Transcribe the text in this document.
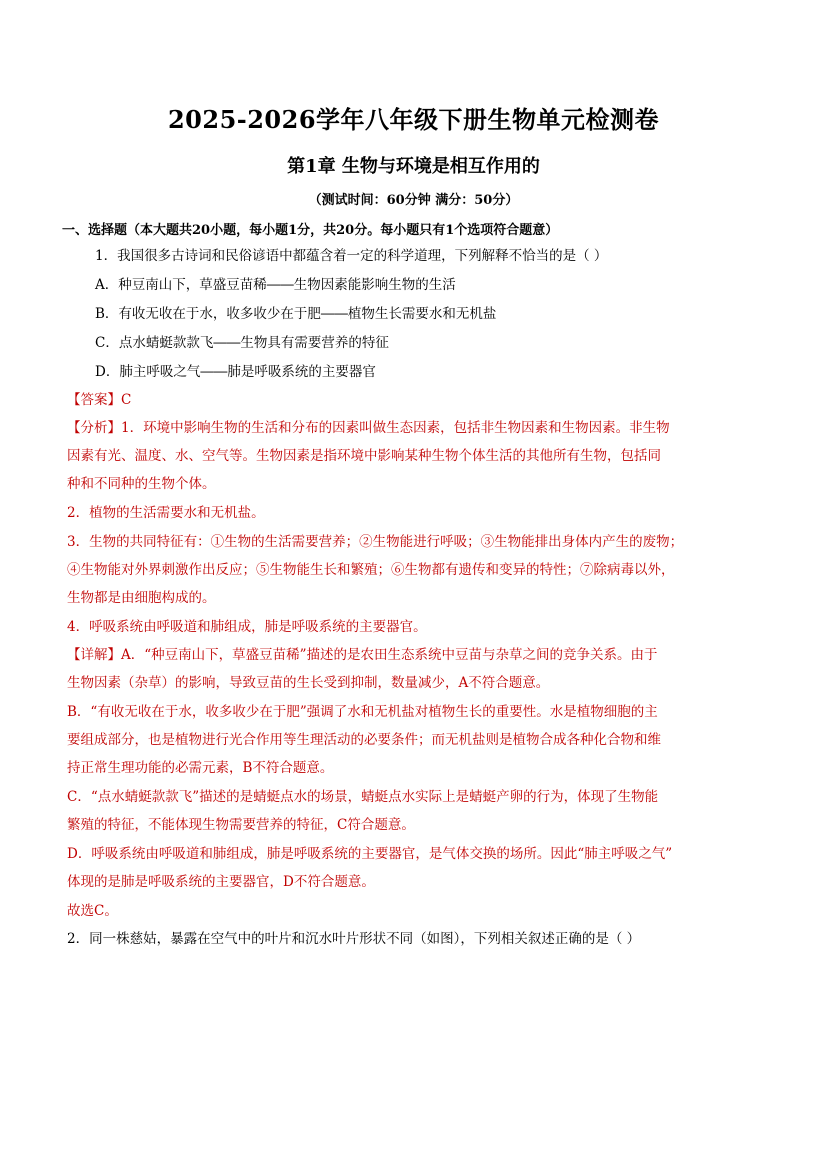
2025-2026学年八年级下册生物单元检测卷
第1章 生物与环境是相互作用的
（测试时间：60分钟 满分：50分）
一、选择题（本大题共20小题，每小题1分，共20分。每小题只有1个选项符合题意）
1．我国很多古诗词和民俗谚语中都蕴含着一定的科学道理，下列解释不恰当的是（ ）
A．种豆南山下，草盛豆苗稀――生物因素能影响生物的生活
B．有收无收在于水，收多收少在于肥――植物生长需要水和无机盐
C．点水蜻蜓款款飞――生物具有需要营养的特征
D．肺主呼吸之气――肺是呼吸系统的主要器官
【答案】C
【分析】1．环境中影响生物的生活和分布的因素叫做生态因素，包括非生物因素和生物因素。非生物
因素有光、温度、水、空气等。生物因素是指环境中影响某种生物个体生活的其他所有生物，包括同
种和不同种的生物个体。
2．植物的生活需要水和无机盐。
3．生物的共同特征有：①生物的生活需要营养；②生物能进行呼吸；③生物能排出身体内产生的废物；
④生物能对外界刺激作出反应；⑤生物能生长和繁殖；⑥生物都有遗传和变异的特性；⑦除病毒以外，
生物都是由细胞构成的。
4．呼吸系统由呼吸道和肺组成，肺是呼吸系统的主要器官。
【详解】A．“种豆南山下，草盛豆苗稀”描述的是农田生态系统中豆苗与杂草之间的竞争关系。由于
生物因素（杂草）的影响，导致豆苗的生长受到抑制，数量减少，A不符合题意。
B．“有收无收在于水，收多收少在于肥”强调了水和无机盐对植物生长的重要性。水是植物细胞的主
要组成部分，也是植物进行光合作用等生理活动的必要条件；而无机盐则是植物合成各种化合物和维
持正常生理功能的必需元素，B不符合题意。
C．“点水蜻蜓款款飞”描述的是蜻蜓点水的场景，蜻蜓点水实际上是蜻蜓产卵的行为，体现了生物能
繁殖的特征，不能体现生物需要营养的特征，C符合题意。
D．呼吸系统由呼吸道和肺组成，肺是呼吸系统的主要器官，是气体交换的场所。因此“肺主呼吸之气”
体现的是肺是呼吸系统的主要器官，D不符合题意。
故选C。
2．同一株慈姑，暴露在空气中的叶片和沉水叶片形状不同（如图），下列相关叙述正确的是（ ）
